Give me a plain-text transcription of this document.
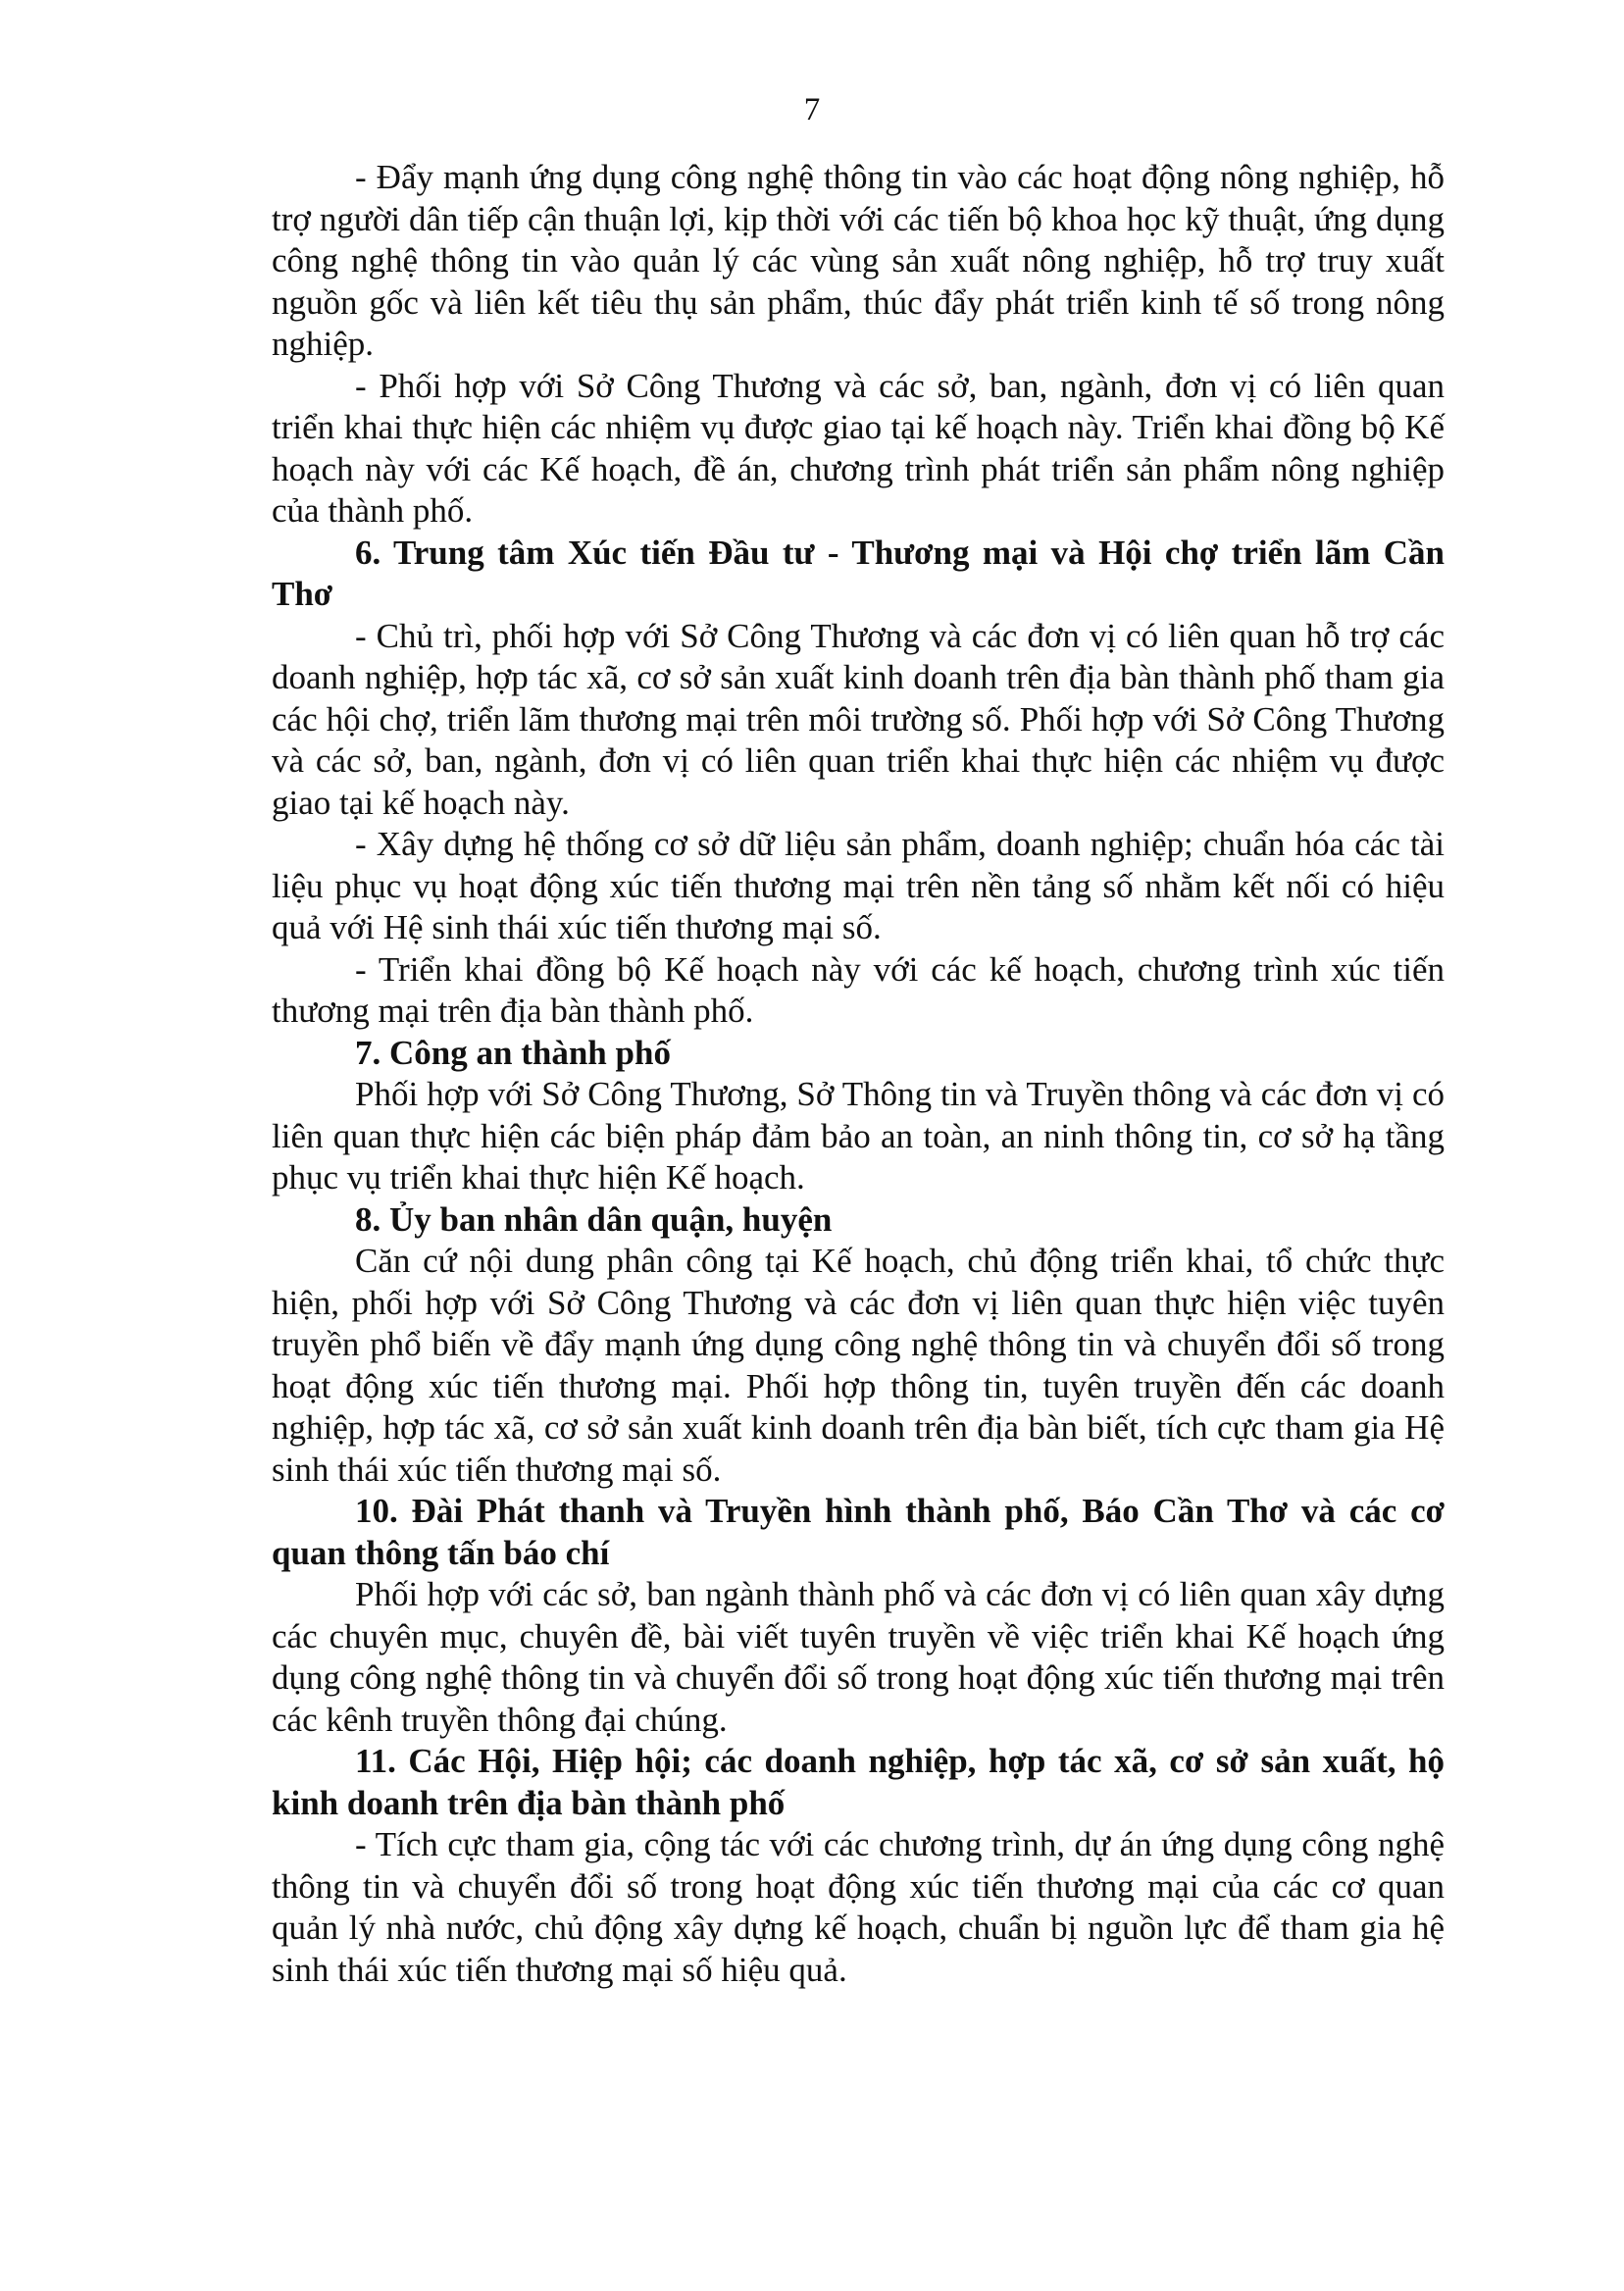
7

- Đẩy mạnh ứng dụng công nghệ thông tin vào các hoạt động nông nghiệp, hỗ trợ người dân tiếp cận thuận lợi, kịp thời với các tiến bộ khoa học kỹ thuật, ứng dụng công nghệ thông tin vào quản lý các vùng sản xuất nông nghiệp, hỗ trợ truy xuất nguồn gốc và liên kết tiêu thụ sản phẩm, thúc đẩy phát triển kinh tế số trong nông nghiệp.

- Phối hợp với Sở Công Thương và các sở, ban, ngành, đơn vị có liên quan triển khai thực hiện các nhiệm vụ được giao tại kế hoạch này. Triển khai đồng bộ Kế hoạch này với các Kế hoạch, đề án, chương trình phát triển sản phẩm nông nghiệp của thành phố.

6. Trung tâm Xúc tiến Đầu tư - Thương mại và Hội chợ triển lãm Cần Thơ

- Chủ trì, phối hợp với Sở Công Thương và các đơn vị có liên quan hỗ trợ các doanh nghiệp, hợp tác xã, cơ sở sản xuất kinh doanh trên địa bàn thành phố tham gia các hội chợ, triển lãm thương mại trên môi trường số. Phối hợp với Sở Công Thương và các sở, ban, ngành, đơn vị có liên quan triển khai thực hiện các nhiệm vụ được giao tại kế hoạch này.

- Xây dựng hệ thống cơ sở dữ liệu sản phẩm, doanh nghiệp; chuẩn hóa các tài liệu phục vụ hoạt động xúc tiến thương mại trên nền tảng số nhằm kết nối có hiệu quả với Hệ sinh thái xúc tiến thương mại số.

- Triển khai đồng bộ Kế hoạch này với các kế hoạch, chương trình xúc tiến thương mại trên địa bàn thành phố.

7. Công an thành phố

Phối hợp với Sở Công Thương, Sở Thông tin và Truyền thông và các đơn vị có liên quan thực hiện các biện pháp đảm bảo an toàn, an ninh thông tin, cơ sở hạ tầng phục vụ triển khai thực hiện Kế hoạch.

8. Ủy ban nhân dân quận, huyện

Căn cứ nội dung phân công tại Kế hoạch, chủ động triển khai, tổ chức thực hiện, phối hợp với Sở Công Thương và các đơn vị liên quan thực hiện việc tuyên truyền phổ biến về đẩy mạnh ứng dụng công nghệ thông tin và chuyển đổi số trong hoạt động xúc tiến thương mại. Phối hợp thông tin, tuyên truyền đến các doanh nghiệp, hợp tác xã, cơ sở sản xuất kinh doanh trên địa bàn biết, tích cực tham gia Hệ sinh thái xúc tiến thương mại số.

10. Đài Phát thanh và Truyền hình thành phố, Báo Cần Thơ và các cơ quan thông tấn báo chí

Phối hợp với các sở, ban ngành thành phố và các đơn vị có liên quan xây dựng các chuyên mục, chuyên đề, bài viết tuyên truyền về việc triển khai Kế hoạch ứng dụng công nghệ thông tin và chuyển đổi số trong hoạt động xúc tiến thương mại trên các kênh truyền thông đại chúng.

11. Các Hội, Hiệp hội; các doanh nghiệp, hợp tác xã, cơ sở sản xuất, hộ kinh doanh trên địa bàn thành phố

- Tích cực tham gia, cộng tác với các chương trình, dự án ứng dụng công nghệ thông tin và chuyển đổi số trong hoạt động xúc tiến thương mại của các cơ quan quản lý nhà nước, chủ động xây dựng kế hoạch, chuẩn bị nguồn lực để tham gia hệ sinh thái xúc tiến thương mại số hiệu quả.
